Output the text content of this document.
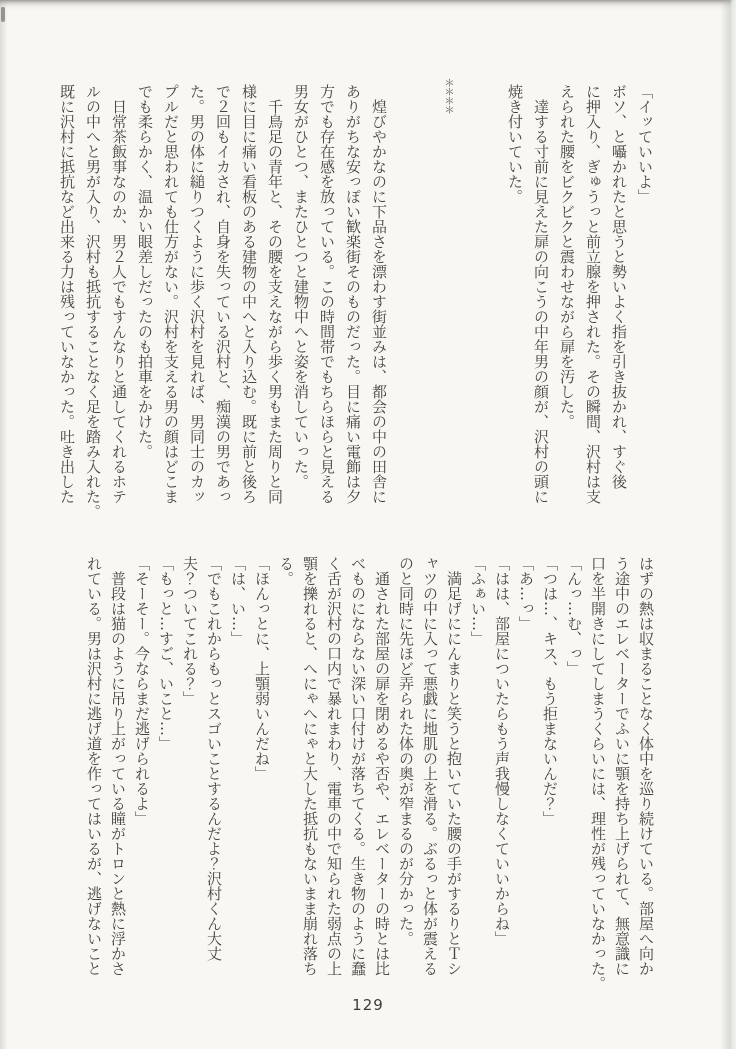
「イッていいよ」

ボソ、と囁かれたと思うと勢いよく指を引き抜かれ、すぐ後

に押入り、ぎゅうっと前立腺を押された。その瞬間、沢村は支

えられた腰をビクビクと震わせながら扉を汚した。

達する寸前に見えた扉の向こうの中年男の顔が、沢村の頭に

焼き付いていた。

＊＊＊＊

煌びやかなのに下品さを漂わす街並みは、都会の中の田舎に

ありがちな安っぽい歓楽街そのものだった。目に痛い電飾は夕

方でも存在感を放っている。この時間帯でもちらほらと見える

男女がひとつ、またひとつと建物中へと姿を消していった。

千鳥足の青年と、その腰を支えながら歩く男もまた周りと同

様に目に痛い看板のある建物の中へと入り込む。既に前と後ろ

で２回もイカされ、自身を失っている沢村と、痴漢の男であっ

た。男の体に縋りつくように歩く沢村を見れば、男同士のカッ

プルだと思われても仕方がない。沢村を支える男の顔はどこま

でも柔らかく、温かい眼差しだったのも拍車をかけた。

日常茶飯事なのか、男２人でもすんなりと通してくれるホテ

ルの中へと男が入り、沢村も抵抗することなく足を踏み入れた。

既に沢村に抵抗など出来る力は残っていなかった。吐き出した

はずの熱は収まることなく体中を巡り続けている。部屋へ向か

う途中のエレベーターでふいに顎を持ち上げられて、無意識に

口を半開きにしてしまうくらいには、理性が残っていなかった。

「んっ…む、っ」

「つは…、キス、もう拒まないんだ？」

「あ…っ」

「はは、部屋についたらもう声我慢しなくていいからね」

「ふぁい…」

満足げににんまりと笑うと抱いていた腰の手がするりとＴシ

ャツの中に入って悪戯に地肌の上を滑る。ぶるっと体が震える

のと同時に先ほど弄られた体の奥が窄まるのが分かった。

通された部屋の扉を閉めるや否や、エレベーターの時とは比

べものにならない深い口付けが落ちてくる。生き物のように蠢

く舌が沢村の口内で暴れまわり、電車の中で知られた弱点の上

顎を擽れると、へにゃへにゃと大した抵抗もないまま崩れ落ち

る。

「ほんっとに、上顎弱いんだね」

「は、い…」

「でもこれからもっとスゴいことするんだよ？沢村くん大丈

夫？ついてこれる？」

「もっと…すご、いこと…」

「そーそー。今ならまだ逃げられるよ」

普段は猫のように吊り上がっている瞳がトロンと熱に浮かさ

れている。男は沢村に逃げ道を作ってはいるが、逃げないこと

129
